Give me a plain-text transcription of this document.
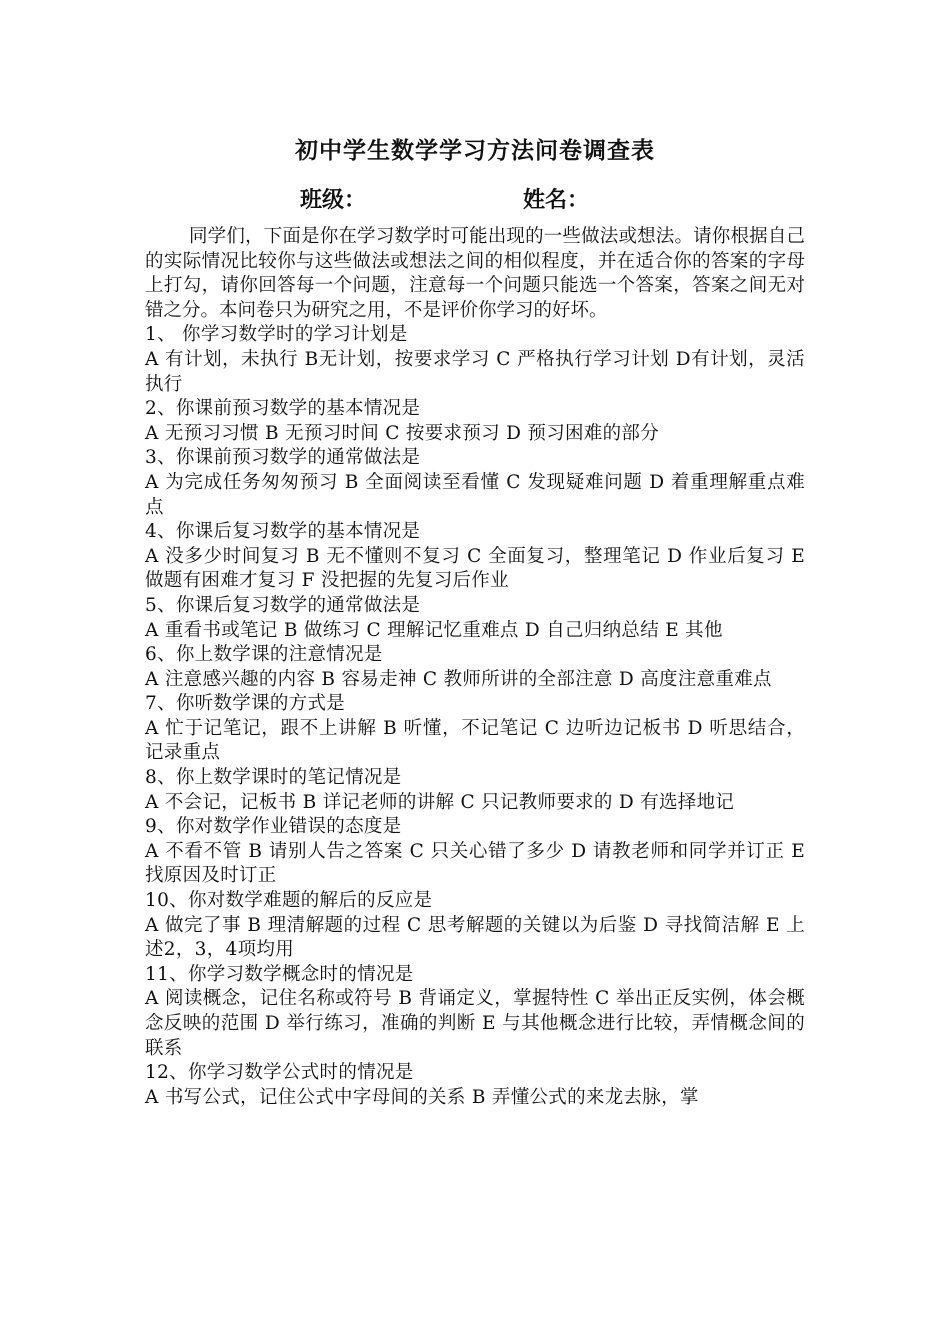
初中学生数学学习方法问卷调查表
班级：	姓名：

同学们，下面是你在学习数学时可能出现的一些做法或想法。请你根据自己的实际情况比较你与这些做法或想法之间的相似程度，并在适合你的答案的字母上打勾，请你回答每一个问题，注意每一个问题只能选一个答案，答案之间无对错之分。本问卷只为研究之用，不是评价你学习的好坏。

1、 你学习数学时的学习计划是
A 有计划，未执行 B无计划，按要求学习 C 严格执行学习计划 D有计划，灵活执行
2、你课前预习数学的基本情况是
A 无预习习惯 B 无预习时间 C 按要求预习 D 预习困难的部分
3、你课前预习数学的通常做法是
A 为完成任务匆匆预习 B 全面阅读至看懂 C 发现疑难问题 D 着重理解重点难点
4、你课后复习数学的基本情况是
A 没多少时间复习 B 无不懂则不复习 C 全面复习，整理笔记 D 作业后复习 E 做题有困难才复习 F 没把握的先复习后作业
5、你课后复习数学的通常做法是
A 重看书或笔记 B 做练习 C 理解记忆重难点 D 自己归纳总结 E 其他
6、你上数学课的注意情况是
A 注意感兴趣的内容 B 容易走神 C 教师所讲的全部注意 D 高度注意重难点
7、你听数学课的方式是
A 忙于记笔记，跟不上讲解 B 听懂，不记笔记 C 边听边记板书 D 听思结合，记录重点
8、你上数学课时的笔记情况是
A 不会记，记板书 B 详记老师的讲解 C 只记教师要求的 D 有选择地记
9、你对数学作业错误的态度是
A 不看不管 B 请别人告之答案 C 只关心错了多少 D 请教老师和同学并订正 E 找原因及时订正
10、你对数学难题的解后的反应是
A 做完了事 B 理清解题的过程 C 思考解题的关键以为后鉴 D 寻找简洁解 E 上述2，3，4项均用
11、你学习数学概念时的情况是
A 阅读概念，记住名称或符号 B 背诵定义，掌握特性 C 举出正反实例，体会概念反映的范围 D 举行练习，准确的判断 E 与其他概念进行比较，弄情概念间的联系
12、你学习数学公式时的情况是
A 书写公式，记住公式中字母间的关系 B 弄懂公式的来龙去脉，掌
